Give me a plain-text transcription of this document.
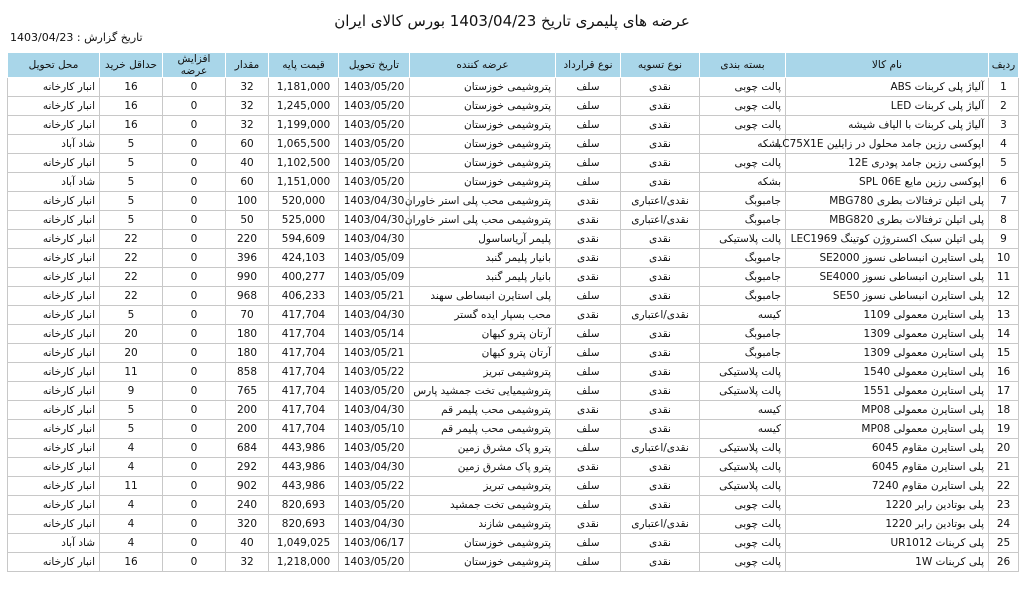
عرضه های پلیمری تاریخ 1403/04/23 بورس کالای ایران
تاریخ گزارش : 1403/04/23
ردیف	نام کالا	بسته بندی	نوع تسویه	نوع قرارداد	عرضه کننده	تاریخ تحویل	قیمت پایه	مقدار	افزایش عرضه	حداقل خرید	محل تحویل
1	آلیاژ پلی کربنات ABS	پالت چوبی	نقدی	سلف	پتروشیمی خوزستان	1403/05/20	1,181,000	32	0	16	انبار کارخانه
2	آلیاژ پلی کربنات LED	پالت چوبی	نقدی	سلف	پتروشیمی خوزستان	1403/05/20	1,245,000	32	0	16	انبار کارخانه
3	آلیاژ پلی کربنات با الیاف شیشه	پالت چوبی	نقدی	سلف	پتروشیمی خوزستان	1403/05/20	1,199,000	32	0	16	انبار کارخانه
4	اپوکسی رزین جامد محلول در زایلین LC75X1E	بشکه	نقدی	سلف	پتروشیمی خوزستان	1403/05/20	1,065,500	60	0	5	شاد آباد
5	اپوکسی رزین جامد پودری 12E	پالت چوبی	نقدی	سلف	پتروشیمی خوزستان	1403/05/20	1,102,500	40	0	5	انبار کارخانه
6	اپوکسی رزین مایع SPL 06E	بشکه	نقدی	سلف	پتروشیمی خوزستان	1403/05/20	1,151,000	60	0	5	شاد آباد
7	پلی اتیلن ترفتالات بطری MBG780	جامبوبگ	نقدی/اعتباری	نقدی	پتروشیمی محب پلی استر خاوران	1403/04/30	520,000	100	0	5	انبار کارخانه
8	پلی اتیلن ترفتالات بطری MBG820	جامبوبگ	نقدی/اعتباری	نقدی	پتروشیمی محب پلی استر خاوران	1403/04/30	525,000	50	0	5	انبار کارخانه
9	پلی اتیلن سبک اکستروژن کوتینگ LEC1969	پالت پلاستیکی	نقدی	نقدی	پلیمر آریاساسول	1403/04/30	594,609	220	0	22	انبار کارخانه
10	پلی استایرن انبساطی نسوز SE2000	جامبوبگ	نقدی	نقدی	بانیار پلیمر گنبد	1403/05/09	424,103	396	0	22	انبار کارخانه
11	پلی استایرن انبساطی نسوز SE4000	جامبوبگ	نقدی	نقدی	بانیار پلیمر گنبد	1403/05/09	400,277	990	0	22	انبار کارخانه
12	پلی استایرن انبساطی نسوز SE50	جامبوبگ	نقدی	سلف	پلی استایرن انبساطی سهند	1403/05/21	406,233	968	0	22	انبار کارخانه
13	پلی استایرن معمولی 1109	کیسه	نقدی/اعتباری	نقدی	محب بسپار ایده گستر	1403/04/30	417,704	70	0	5	انبار کارخانه
14	پلی استایرن معمولی 1309	جامبوبگ	نقدی	سلف	آرتان پترو کیهان	1403/05/14	417,704	180	0	20	انبار کارخانه
15	پلی استایرن معمولی 1309	جامبوبگ	نقدی	سلف	آرتان پترو کیهان	1403/05/21	417,704	180	0	20	انبار کارخانه
16	پلی استایرن معمولی 1540	پالت پلاستیکی	نقدی	سلف	پتروشیمی تبریز	1403/05/22	417,704	858	0	11	انبار کارخانه
17	پلی استایرن معمولی 1551	پالت پلاستیکی	نقدی	سلف	پتروشیمیایی تخت جمشید پارس	1403/05/20	417,704	765	0	9	انبار کارخانه
18	پلی استایرن معمولی MP08	کیسه	نقدی	نقدی	پتروشیمی محب پلیمر قم	1403/04/30	417,704	200	0	5	انبار کارخانه
19	پلی استایرن معمولی MP08	کیسه	نقدی	سلف	پتروشیمی محب پلیمر قم	1403/05/10	417,704	200	0	5	انبار کارخانه
20	پلی استایرن مقاوم 6045	پالت پلاستیکی	نقدی/اعتباری	سلف	پترو پاک مشرق زمین	1403/05/20	443,986	684	0	4	انبار کارخانه
21	پلی استایرن مقاوم 6045	پالت پلاستیکی	نقدی	نقدی	پترو پاک مشرق زمین	1403/04/30	443,986	292	0	4	انبار کارخانه
22	پلی استایرن مقاوم 7240	پالت پلاستیکی	نقدی	سلف	پتروشیمی تبریز	1403/05/22	443,986	902	0	11	انبار کارخانه
23	پلی بوتادین رابر 1220	پالت چوبی	نقدی	سلف	پتروشیمی تخت جمشید	1403/05/20	820,693	240	0	4	انبار کارخانه
24	پلی بوتادین رابر 1220	پالت چوبی	نقدی/اعتباری	نقدی	پتروشیمی شازند	1403/04/30	820,693	320	0	4	انبار کارخانه
25	پلی کربنات UR1012	پالت چوبی	نقدی	سلف	پتروشیمی خوزستان	1403/06/17	1,049,025	40	0	4	شاد آباد
26	پلی کربنات 1W	پالت چوبی	نقدی	سلف	پتروشیمی خوزستان	1403/05/20	1,218,000	32	0	16	انبار کارخانه
